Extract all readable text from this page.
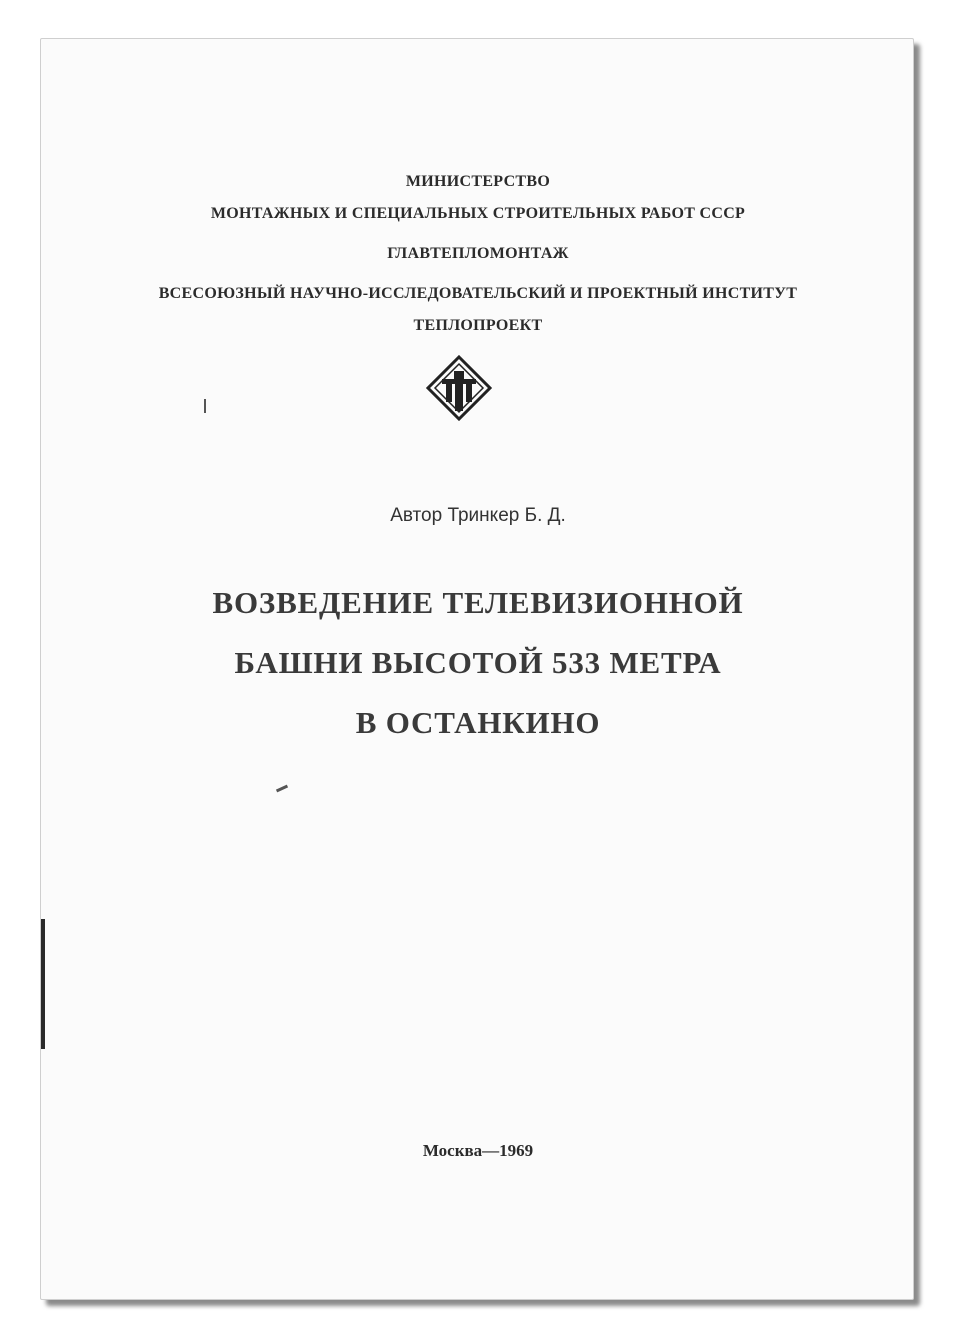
МИНИСТЕРСТВО
МОНТАЖНЫХ И СПЕЦИАЛЬНЫХ СТРОИТЕЛЬНЫХ РАБОТ СССР
ГЛАВТЕПЛОМОНТАЖ
ВСЕСОЮЗНЫЙ НАУЧНО-ИССЛЕДОВАТЕЛЬСКИЙ И ПРОЕКТНЫЙ ИНСТИТУТ
ТЕПЛОПРОЕКТ
Автор Тринкер Б. Д.
ВОЗВЕДЕНИЕ ТЕЛЕВИЗИОННОЙ
БАШНИ ВЫСОТОЙ 533 МЕТРА
В ОСТАНКИНО
Москва—1969
